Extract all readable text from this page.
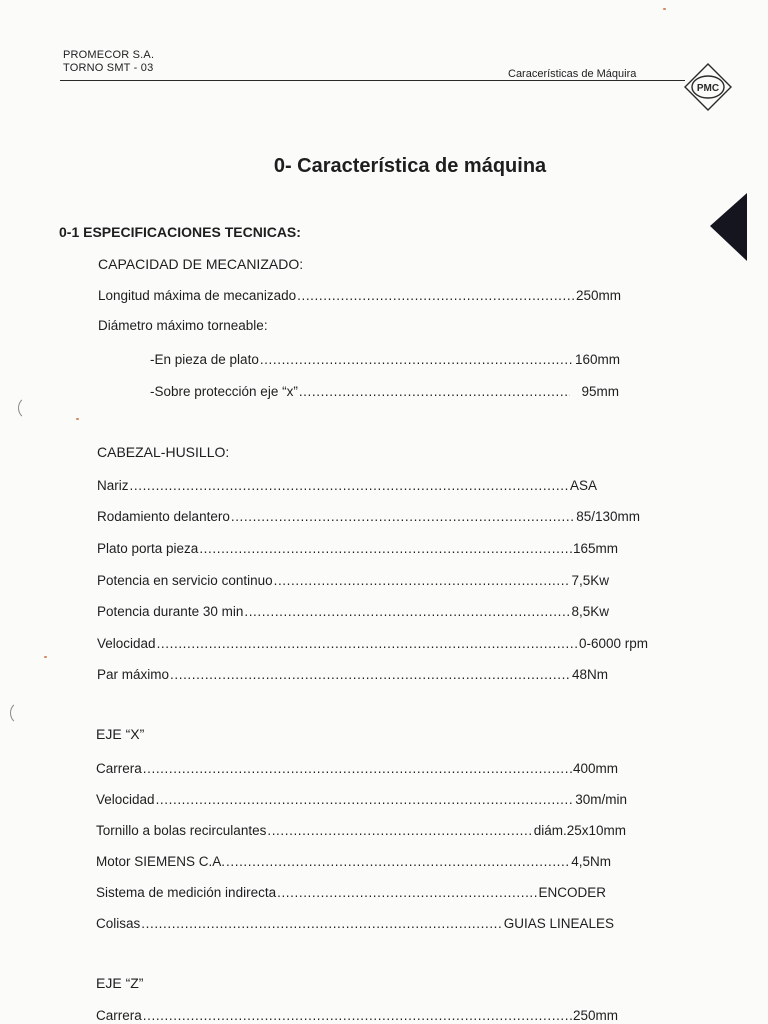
PROMECOR S.A.
TORNO SMT - 03	Caracerísticas de Máquira
PMC
0- Característica de máquina
0-1 ESPECIFICACIONES TECNICAS:
CAPACIDAD DE MECANIZADO:
Longitud máxima de mecanizado .....	250mm
Diámetro máximo torneable:
-En pieza de plato .....	160mm
-Sobre protección eje “x” .....	95mm
CABEZAL-HUSILLO:
Nariz .....	ASA
Rodamiento delantero .....	85/130mm
Plato porta pieza .....	165mm
Potencia en servicio continuo .....	7,5Kw
Potencia durante 30 min .....	8,5Kw
Velocidad .....	0-6000 rpm
Par máximo .....	48Nm
EJE “X”
Carrera .....	400mm
Velocidad .....	30m/min
Tornillo a bolas recirculantes .....	diám.25x10mm
Motor SIEMENS C.A. .....	4,5Nm
Sistema de medición indirecta .....	ENCODER
Colisas .....	GUIAS LINEALES
EJE “Z”
Carrera .....	250mm
